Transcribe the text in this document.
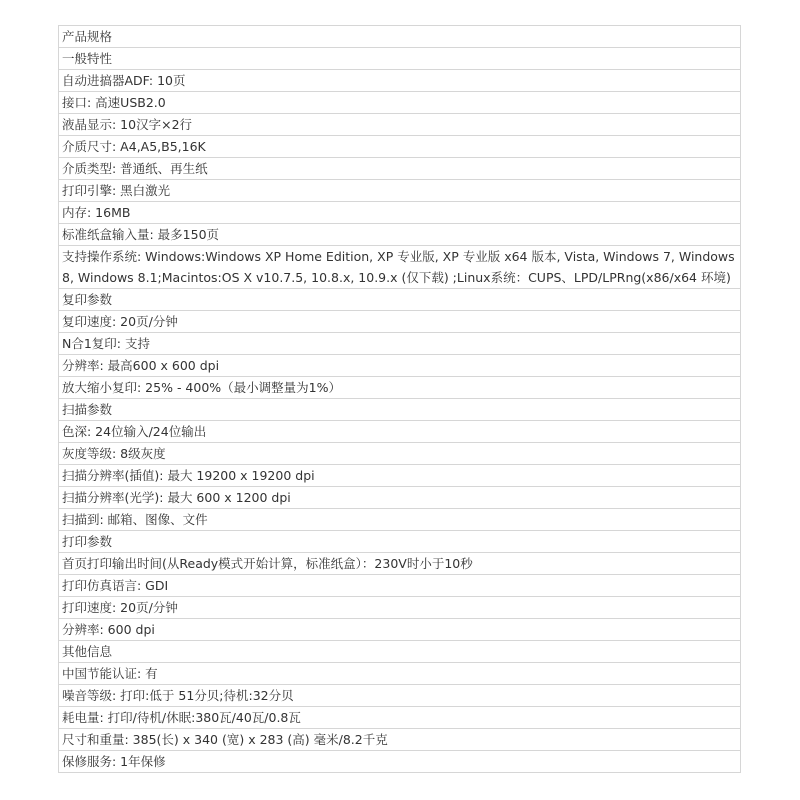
产品规格
一般特性
自动进搞器ADF: 10页
接口: 高速USB2.0
液晶显示: 10汉字×2行
介质尺寸: A4,A5,B5,16K
介质类型: 普通纸、再生纸
打印引擎: 黑白激光
内存: 16MB
标准纸盒输入量: 最多150页
支持操作系统: Windows:Windows XP Home Edition, XP 专业版, XP 专业版 x64 版本, Vista, Windows 7, Windows 8, Windows 8.1;Macintos:OS X v10.7.5, 10.8.x, 10.9.x (仅下载) ;Linux系统：CUPS、LPD/LPRng(x86/x64 环境)
复印参数
复印速度: 20页/分钟
N合1复印: 支持
分辨率: 最高600 x 600 dpi
放大缩小复印: 25% - 400%（最小调整量为1%）
扫描参数
色深: 24位输入/24位输出
灰度等级: 8级灰度
扫描分辨率(插值): 最大 19200 x 19200 dpi
扫描分辨率(光学): 最大 600 x 1200 dpi
扫描到: 邮箱、图像、文件
打印参数
首页打印输出时间(从Ready模式开始计算，标准纸盒）：230V时小于10秒
打印仿真语言: GDI
打印速度: 20页/分钟
分辨率: 600 dpi
其他信息
中国节能认证: 有
噪音等级: 打印:低于 51分贝;待机:32分贝
耗电量: 打印/待机/休眠:380瓦/40瓦/0.8瓦
尺寸和重量: 385(长) x 340 (宽) x 283 (高) 毫米/8.2千克
保修服务: 1年保修
